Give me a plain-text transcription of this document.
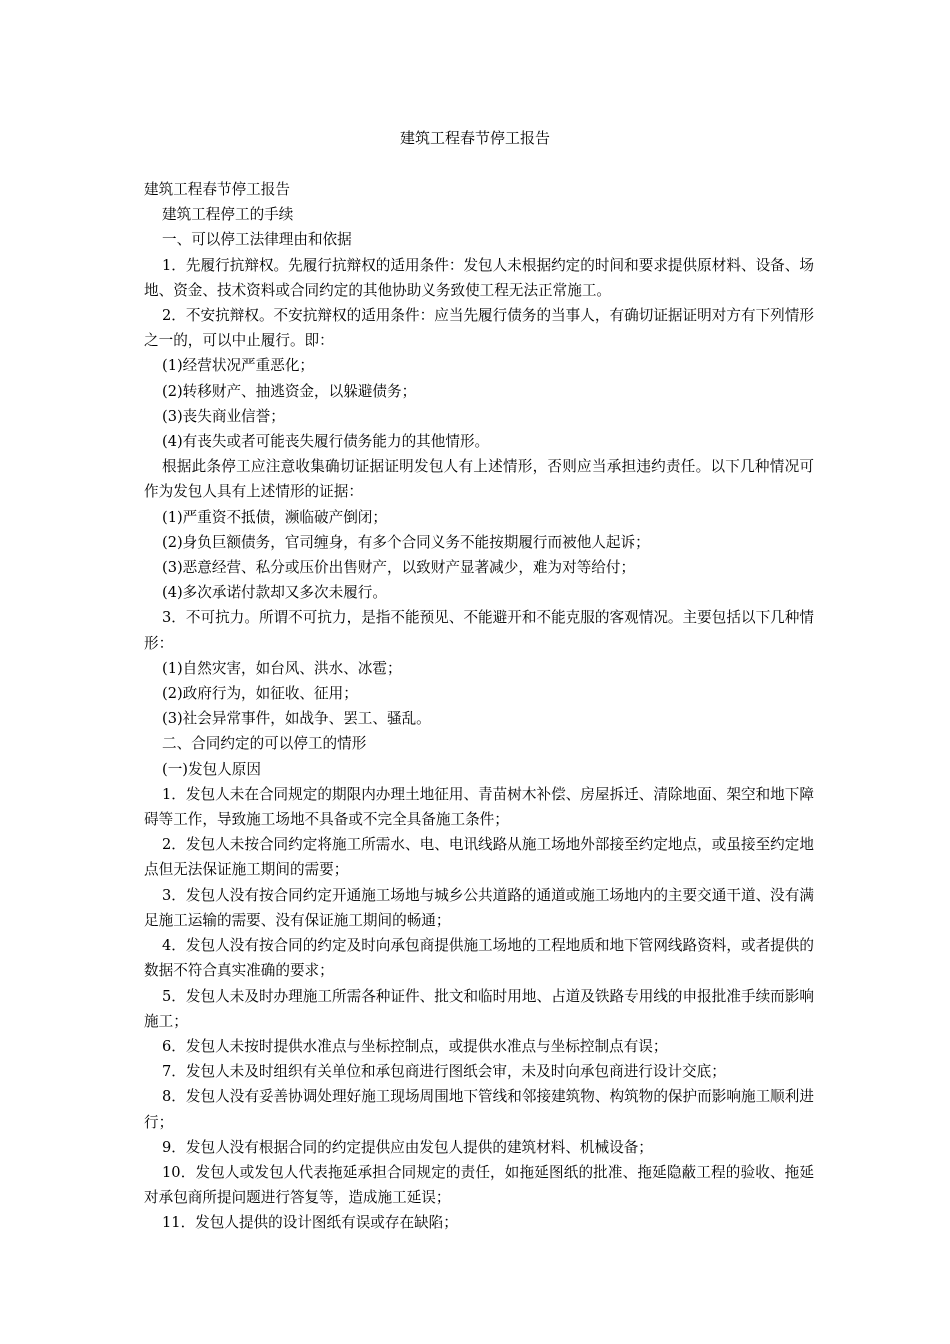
建筑工程春节停工报告

建筑工程春节停工报告

建筑工程停工的手续

一、可以停工法律理由和依据

1．先履行抗辩权。先履行抗辩权的适用条件：发包人未根据约定的时间和要求提供原材料、设备、场地、资金、技术资料或合同约定的其他协助义务致使工程无法正常施工。

2．不安抗辩权。不安抗辩权的适用条件：应当先履行债务的当事人，有确切证据证明对方有下列情形之一的，可以中止履行。即：

(1)经营状况严重恶化；

(2)转移财产、抽逃资金，以躲避债务；

(3)丧失商业信誉；

(4)有丧失或者可能丧失履行债务能力的其他情形。

根据此条停工应注意收集确切证据证明发包人有上述情形，否则应当承担违约责任。以下几种情况可作为发包人具有上述情形的证据：

(1)严重资不抵债，濒临破产倒闭；

(2)身负巨额债务，官司缠身，有多个合同义务不能按期履行而被他人起诉；

(3)恶意经营、私分或压价出售财产，以致财产显著减少，难为对等给付；

(4)多次承诺付款却又多次未履行。

3．不可抗力。所谓不可抗力，是指不能预见、不能避开和不能克服的客观情况。主要包括以下几种情形：

(1)自然灾害，如台风、洪水、冰雹；

(2)政府行为，如征收、征用；

(3)社会异常事件，如战争、罢工、骚乱。

二、合同约定的可以停工的情形

(一)发包人原因

1．发包人未在合同规定的期限内办理土地征用、青苗树木补偿、房屋拆迁、清除地面、架空和地下障碍等工作，导致施工场地不具备或不完全具备施工条件；

2．发包人未按合同约定将施工所需水、电、电讯线路从施工场地外部接至约定地点，或虽接至约定地点但无法保证施工期间的需要；

3．发包人没有按合同约定开通施工场地与城乡公共道路的通道或施工场地内的主要交通干道、没有满足施工运输的需要、没有保证施工期间的畅通；

4．发包人没有按合同的约定及时向承包商提供施工场地的工程地质和地下管网线路资料，或者提供的数据不符合真实准确的要求；

5．发包人未及时办理施工所需各种证件、批文和临时用地、占道及铁路专用线的申报批准手续而影响施工；

6．发包人未按时提供水准点与坐标控制点，或提供水准点与坐标控制点有误；

7．发包人未及时组织有关单位和承包商进行图纸会审，未及时向承包商进行设计交底；

8．发包人没有妥善协调处理好施工现场周围地下管线和邻接建筑物、构筑物的保护而影响施工顺利进行；

9．发包人没有根据合同的约定提供应由发包人提供的建筑材料、机械设备；

10．发包人或发包人代表拖延承担合同规定的责任，如拖延图纸的批准、拖延隐蔽工程的验收、拖延对承包商所提问题进行答复等，造成施工延误；

11．发包人提供的设计图纸有误或存在缺陷；
